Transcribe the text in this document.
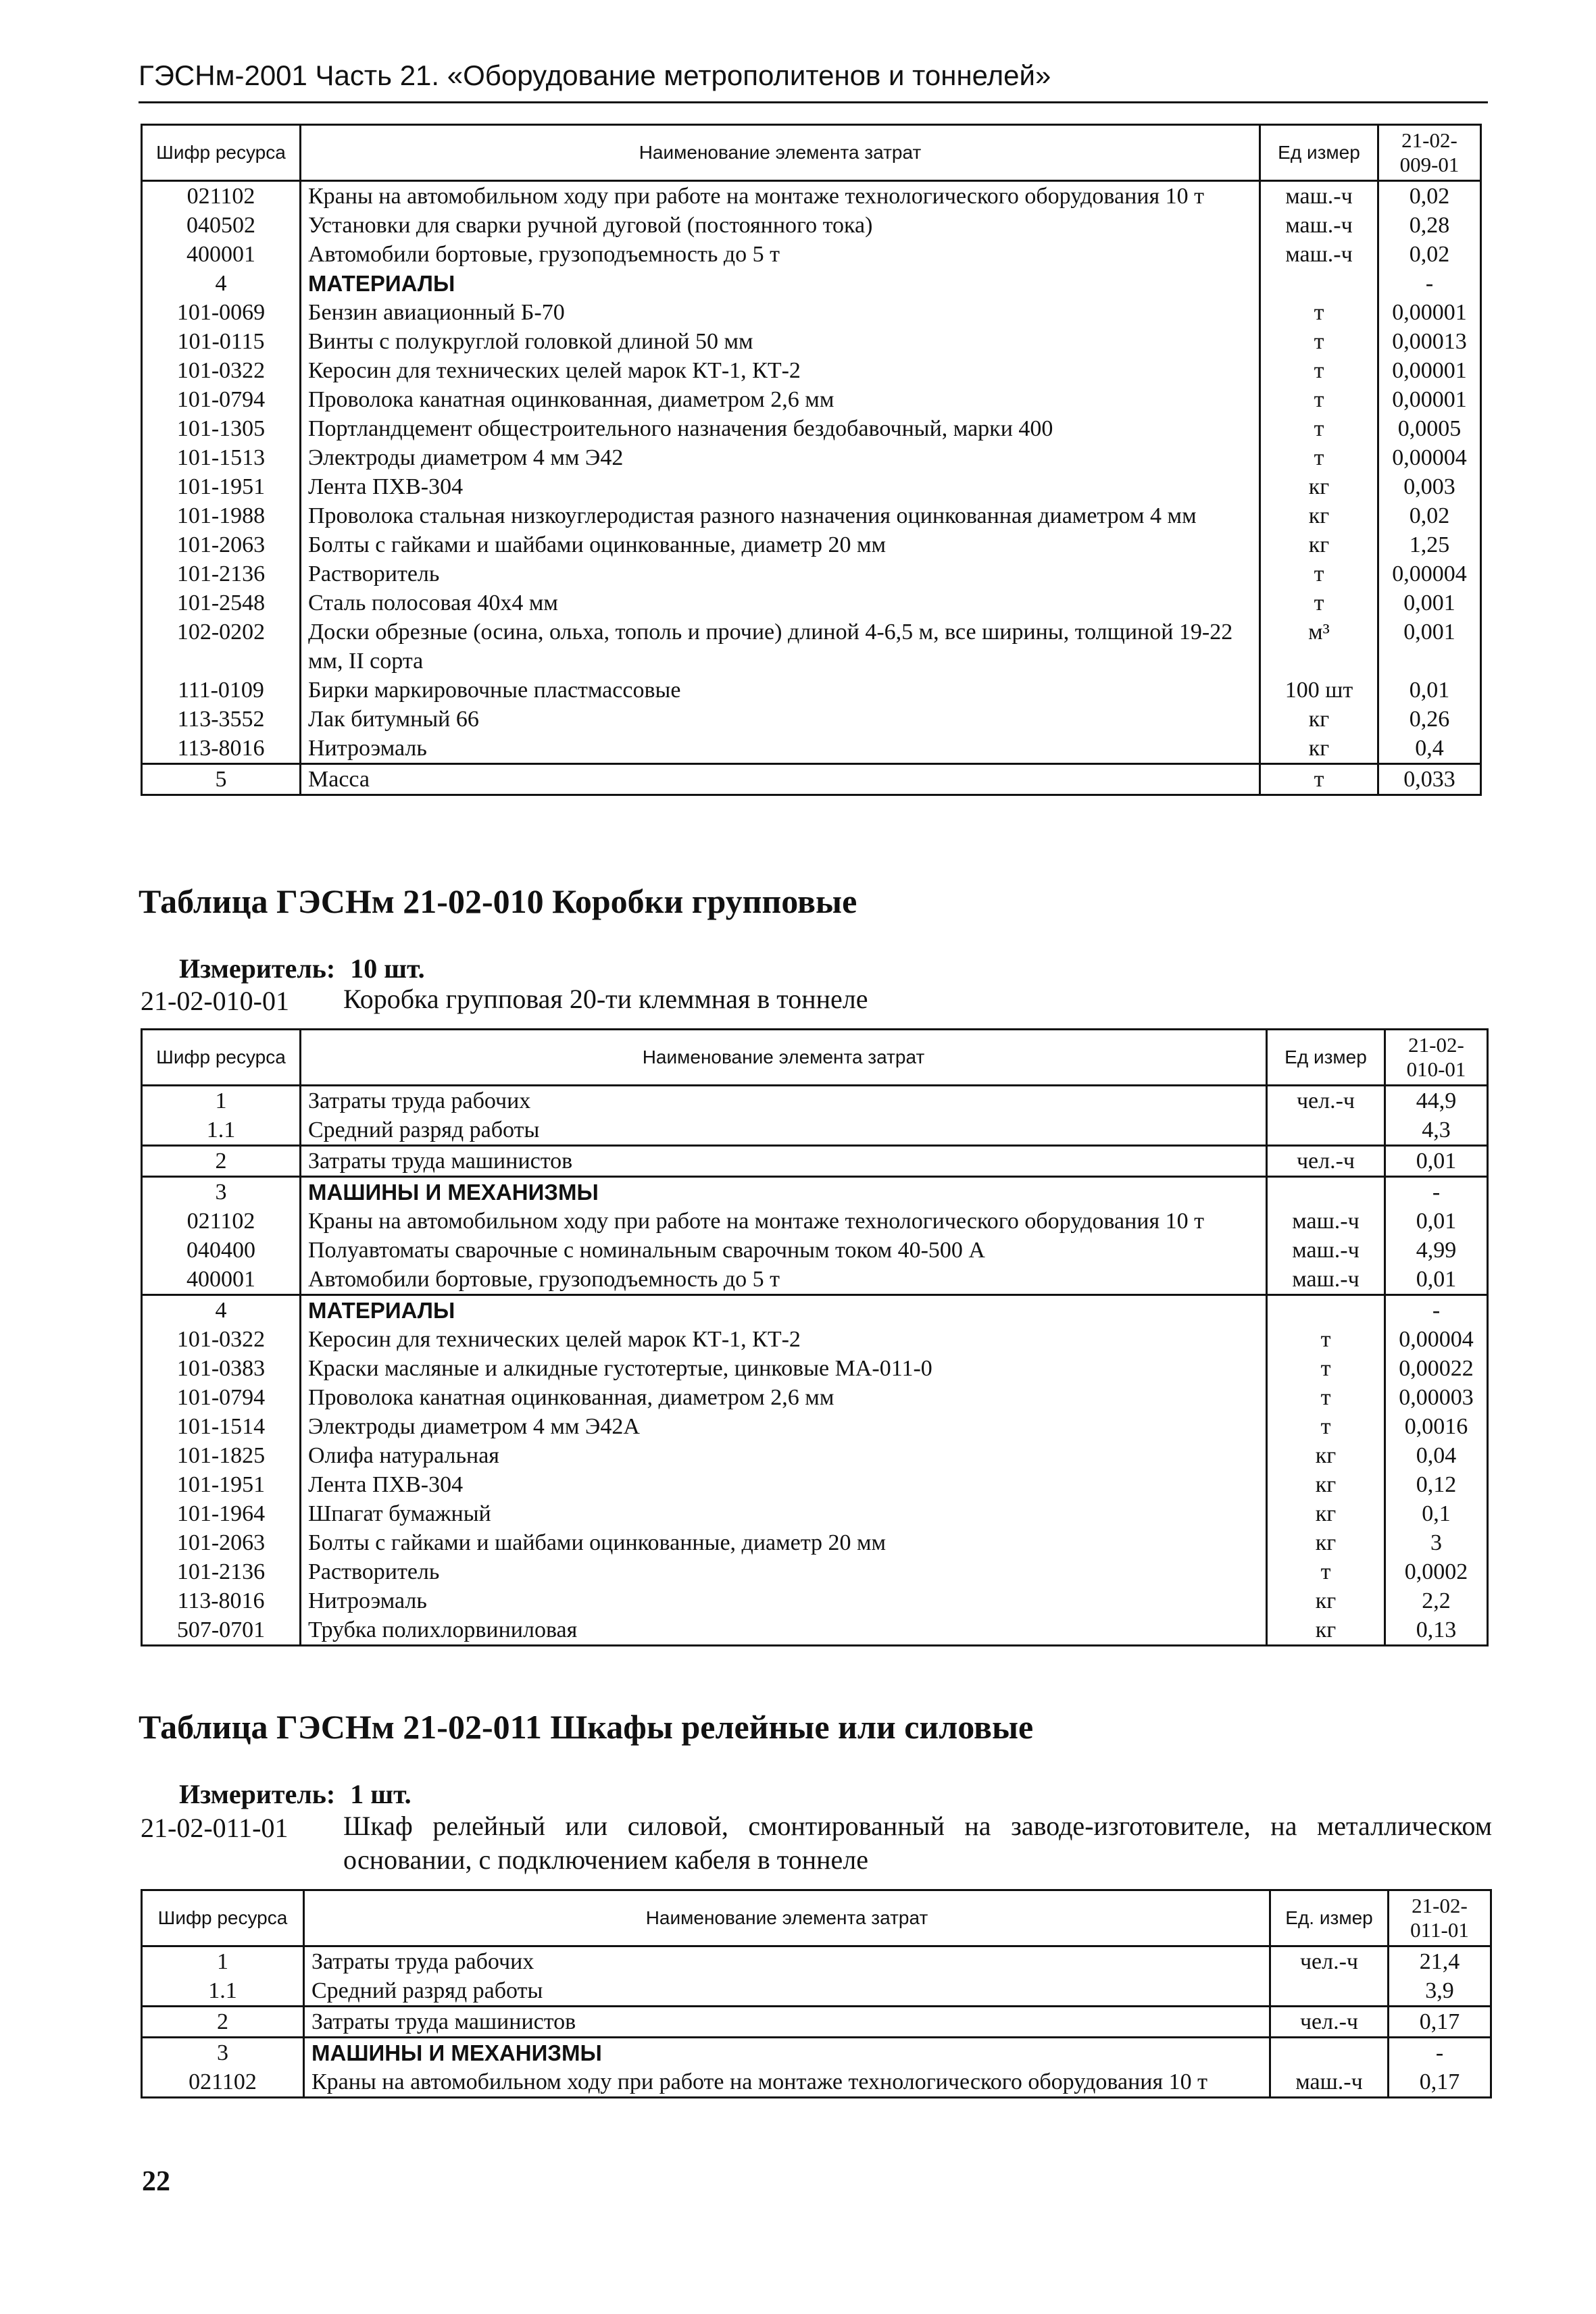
ГЭСНм-2001 Часть 21. «Оборудование метрополитенов и тоннелей»
Шифр ресурса	Наименование элемента затрат	Ед измер	21-02-009-01
021102	Краны на автомобильном ходу при работе на монтаже технологического оборудования 10 т	маш.-ч	0,02
040502	Установки для сварки ручной дуговой (постоянного тока)	маш.-ч	0,28
400001	Автомобили бортовые, грузоподъемность до 5 т	маш.-ч	0,02
4	МАТЕРИАЛЫ		-
101-0069	Бензин авиационный Б-70	т	0,00001
101-0115	Винты с полукруглой головкой длиной 50 мм	т	0,00013
101-0322	Керосин для технических целей марок КТ-1, КТ-2	т	0,00001
101-0794	Проволока канатная оцинкованная, диаметром 2,6 мм	т	0,00001
101-1305	Портландцемент общестроительного назначения бездобавочный, марки 400	т	0,0005
101-1513	Электроды диаметром 4 мм Э42	т	0,00004
101-1951	Лента ПХВ-304	кг	0,003
101-1988	Проволока стальная низкоуглеродистая разного назначения оцинкованная диаметром 4 мм	кг	0,02
101-2063	Болты с гайками и шайбами оцинкованные, диаметр 20 мм	кг	1,25
101-2136	Растворитель	т	0,00004
101-2548	Сталь полосовая 40х4 мм	т	0,001
102-0202	Доски обрезные (осина, ольха, тополь и прочие) длиной 4-6,5 м, все ширины, толщиной 19-22 мм, II сорта	м³	0,001
111-0109	Бирки маркировочные пластмассовые	100 шт	0,01
113-3552	Лак битумный 66	кг	0,26
113-8016	Нитроэмаль	кг	0,4
5	Масса	т	0,033
Таблица ГЭСНм 21-02-010 Коробки групповые
Измеритель: 10 шт.
21-02-010-01 Коробка групповая 20-ти клеммная в тоннеле
Шифр ресурса	Наименование элемента затрат	Ед измер	21-02-010-01
1	Затраты труда рабочих	чел.-ч	44,9
1.1	Средний разряд работы		4,3
2	Затраты труда машинистов	чел.-ч	0,01
3	МАШИНЫ И МЕХАНИЗМЫ		-
021102	Краны на автомобильном ходу при работе на монтаже технологического оборудования 10 т	маш.-ч	0,01
040400	Полуавтоматы сварочные с номинальным сварочным током 40-500 А	маш.-ч	4,99
400001	Автомобили бортовые, грузоподъемность до 5 т	маш.-ч	0,01
4	МАТЕРИАЛЫ		-
101-0322	Керосин для технических целей марок КТ-1, КТ-2	т	0,00004
101-0383	Краски масляные и алкидные густотертые, цинковые МА-011-0	т	0,00022
101-0794	Проволока канатная оцинкованная, диаметром 2,6 мм	т	0,00003
101-1514	Электроды диаметром 4 мм Э42А	т	0,0016
101-1825	Олифа натуральная	кг	0,04
101-1951	Лента ПХВ-304	кг	0,12
101-1964	Шпагат бумажный	кг	0,1
101-2063	Болты с гайками и шайбами оцинкованные, диаметр 20 мм	кг	3
101-2136	Растворитель	т	0,0002
113-8016	Нитроэмаль	кг	2,2
507-0701	Трубка полихлорвиниловая	кг	0,13
Таблица ГЭСНм 21-02-011 Шкафы релейные или силовые
Измеритель: 1 шт.
21-02-011-01 Шкаф релейный или силовой, смонтированный на заводе-изготовителе, на металлическом основании, с подключением кабеля в тоннеле
Шифр ресурса	Наименование элемента затрат	Ед. измер	21-02-011-01
1	Затраты труда рабочих	чел.-ч	21,4
1.1	Средний разряд работы		3,9
2	Затраты труда машинистов	чел.-ч	0,17
3	МАШИНЫ И МЕХАНИЗМЫ		-
021102	Краны на автомобильном ходу при работе на монтаже технологического оборудования 10 т	маш.-ч	0,17
22
